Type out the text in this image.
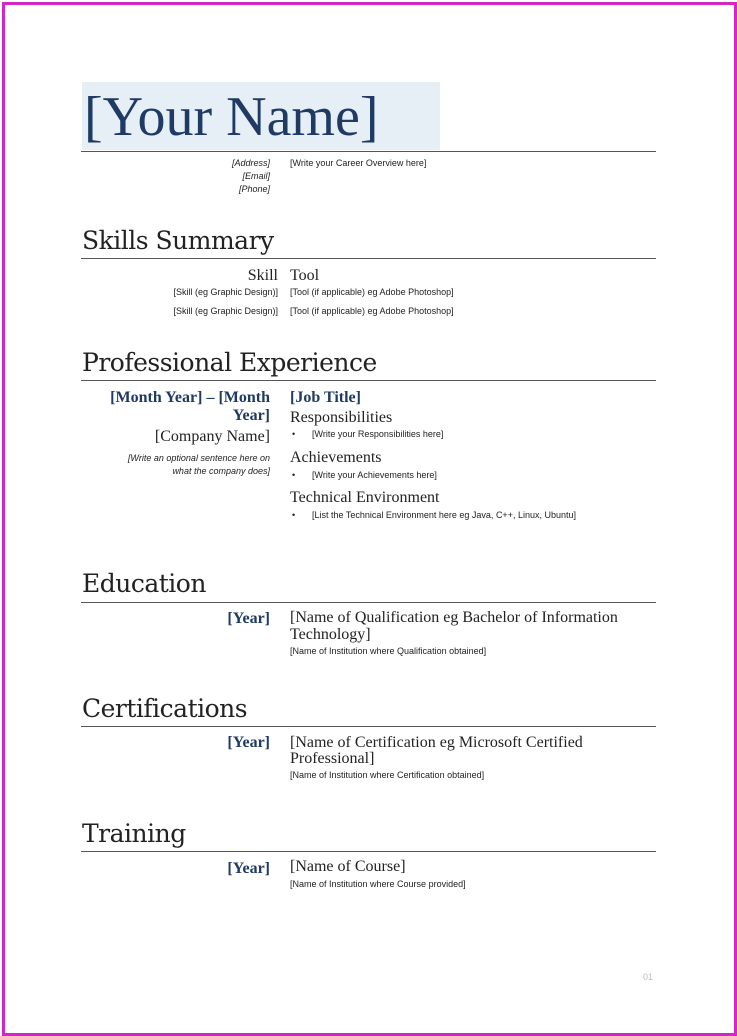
[Your Name]
[Address]
[Email]
[Phone]
[Write your Career Overview here]
Skills Summary
Skill Tool
[Skill (eg Graphic Design)] [Tool (if applicable) eg Adobe Photoshop]
[Skill (eg Graphic Design)] [Tool (if applicable) eg Adobe Photoshop]
Professional Experience
[Month Year] – [Month
Year]
[Company Name]
[Write an optional sentence here on
what the company does]
[Job Title]
Responsibilities
• [Write your Responsibilities here]
Achievements
• [Write your Achievements here]
Technical Environment
• [List the Technical Environment here eg Java, C++, Linux, Ubuntu]
Education
[Year] [Name of Qualification eg Bachelor of Information
Technology]
[Name of Institution where Qualification obtained]
Certifications
[Year] [Name of Certification eg Microsoft Certified
Professional]
[Name of Institution where Certification obtained]
Training
[Year] [Name of Course]
[Name of Institution where Course provided]
01
